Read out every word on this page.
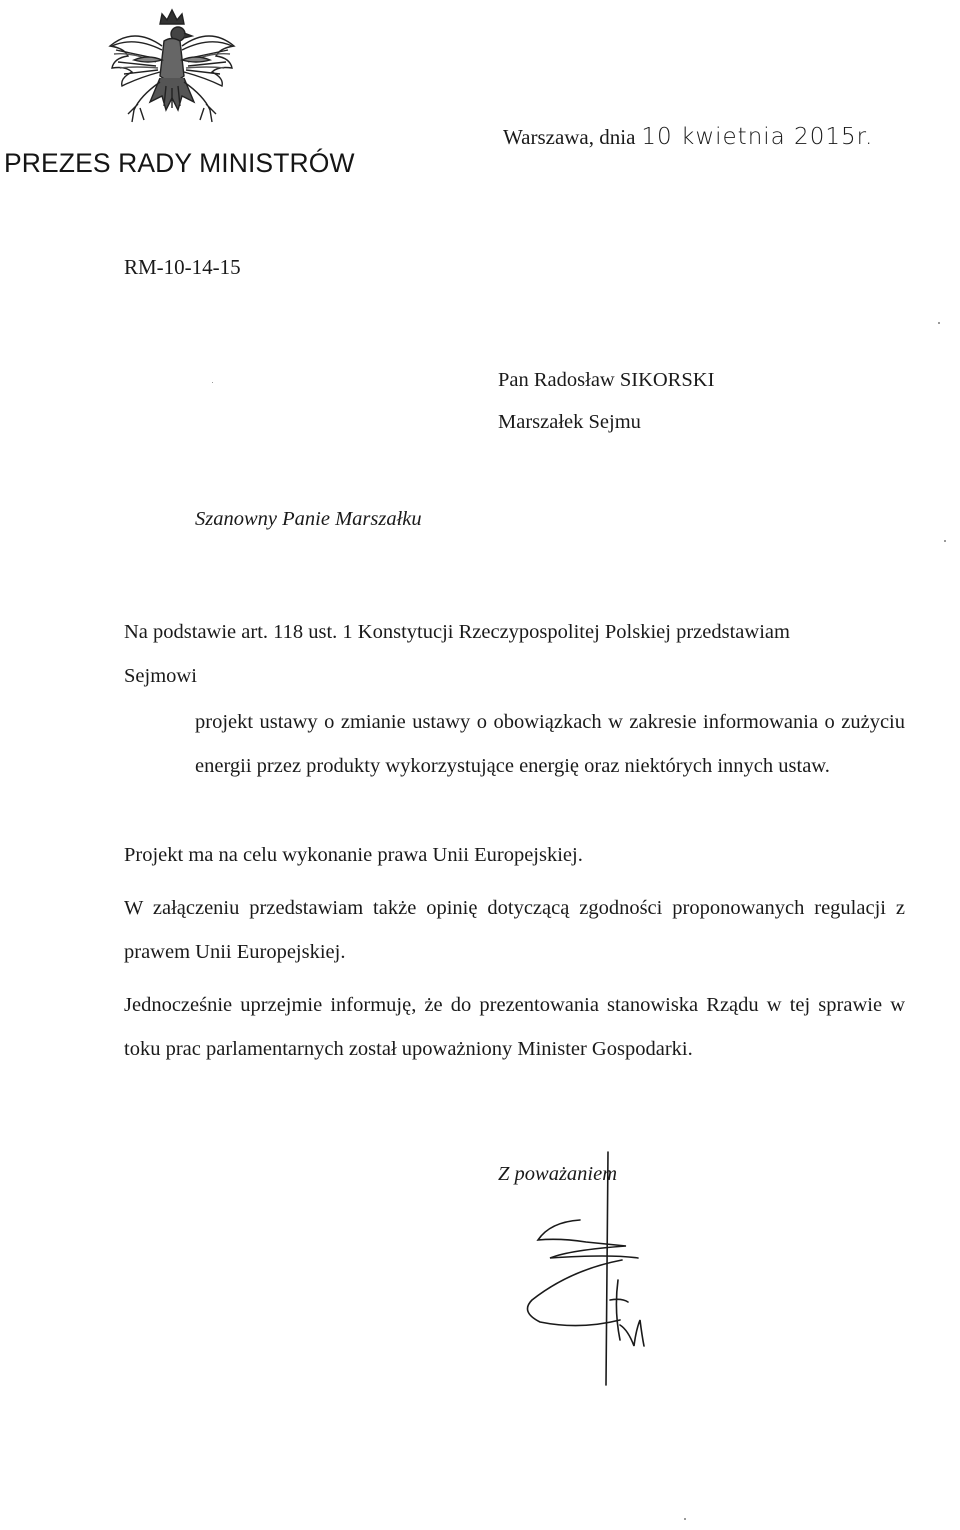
PREZES RADY MINISTRÓW
Warszawa, dnia 10 kwietnia 2015r.
RM-10-14-15
Pan Radosław SIKORSKI
Marszałek Sejmu
Szanowny Panie Marszałku
Na podstawie art. 118 ust. 1 Konstytucji Rzeczypospolitej Polskiej przedstawiam
Sejmowi
projekt ustawy o zmianie ustawy o obowiązkach w zakresie informowania o zużyciu energii przez produkty wykorzystujące energię oraz niektórych innych ustaw.
Projekt ma na celu wykonanie prawa Unii Europejskiej.
W załączeniu przedstawiam także opinię dotyczącą zgodności proponowanych regulacji z prawem Unii Europejskiej.
Jednocześnie uprzejmie informuję, że do prezentowania stanowiska Rządu w tej sprawie w toku prac parlamentarnych został upoważniony Minister Gospodarki.
Z poważaniem
